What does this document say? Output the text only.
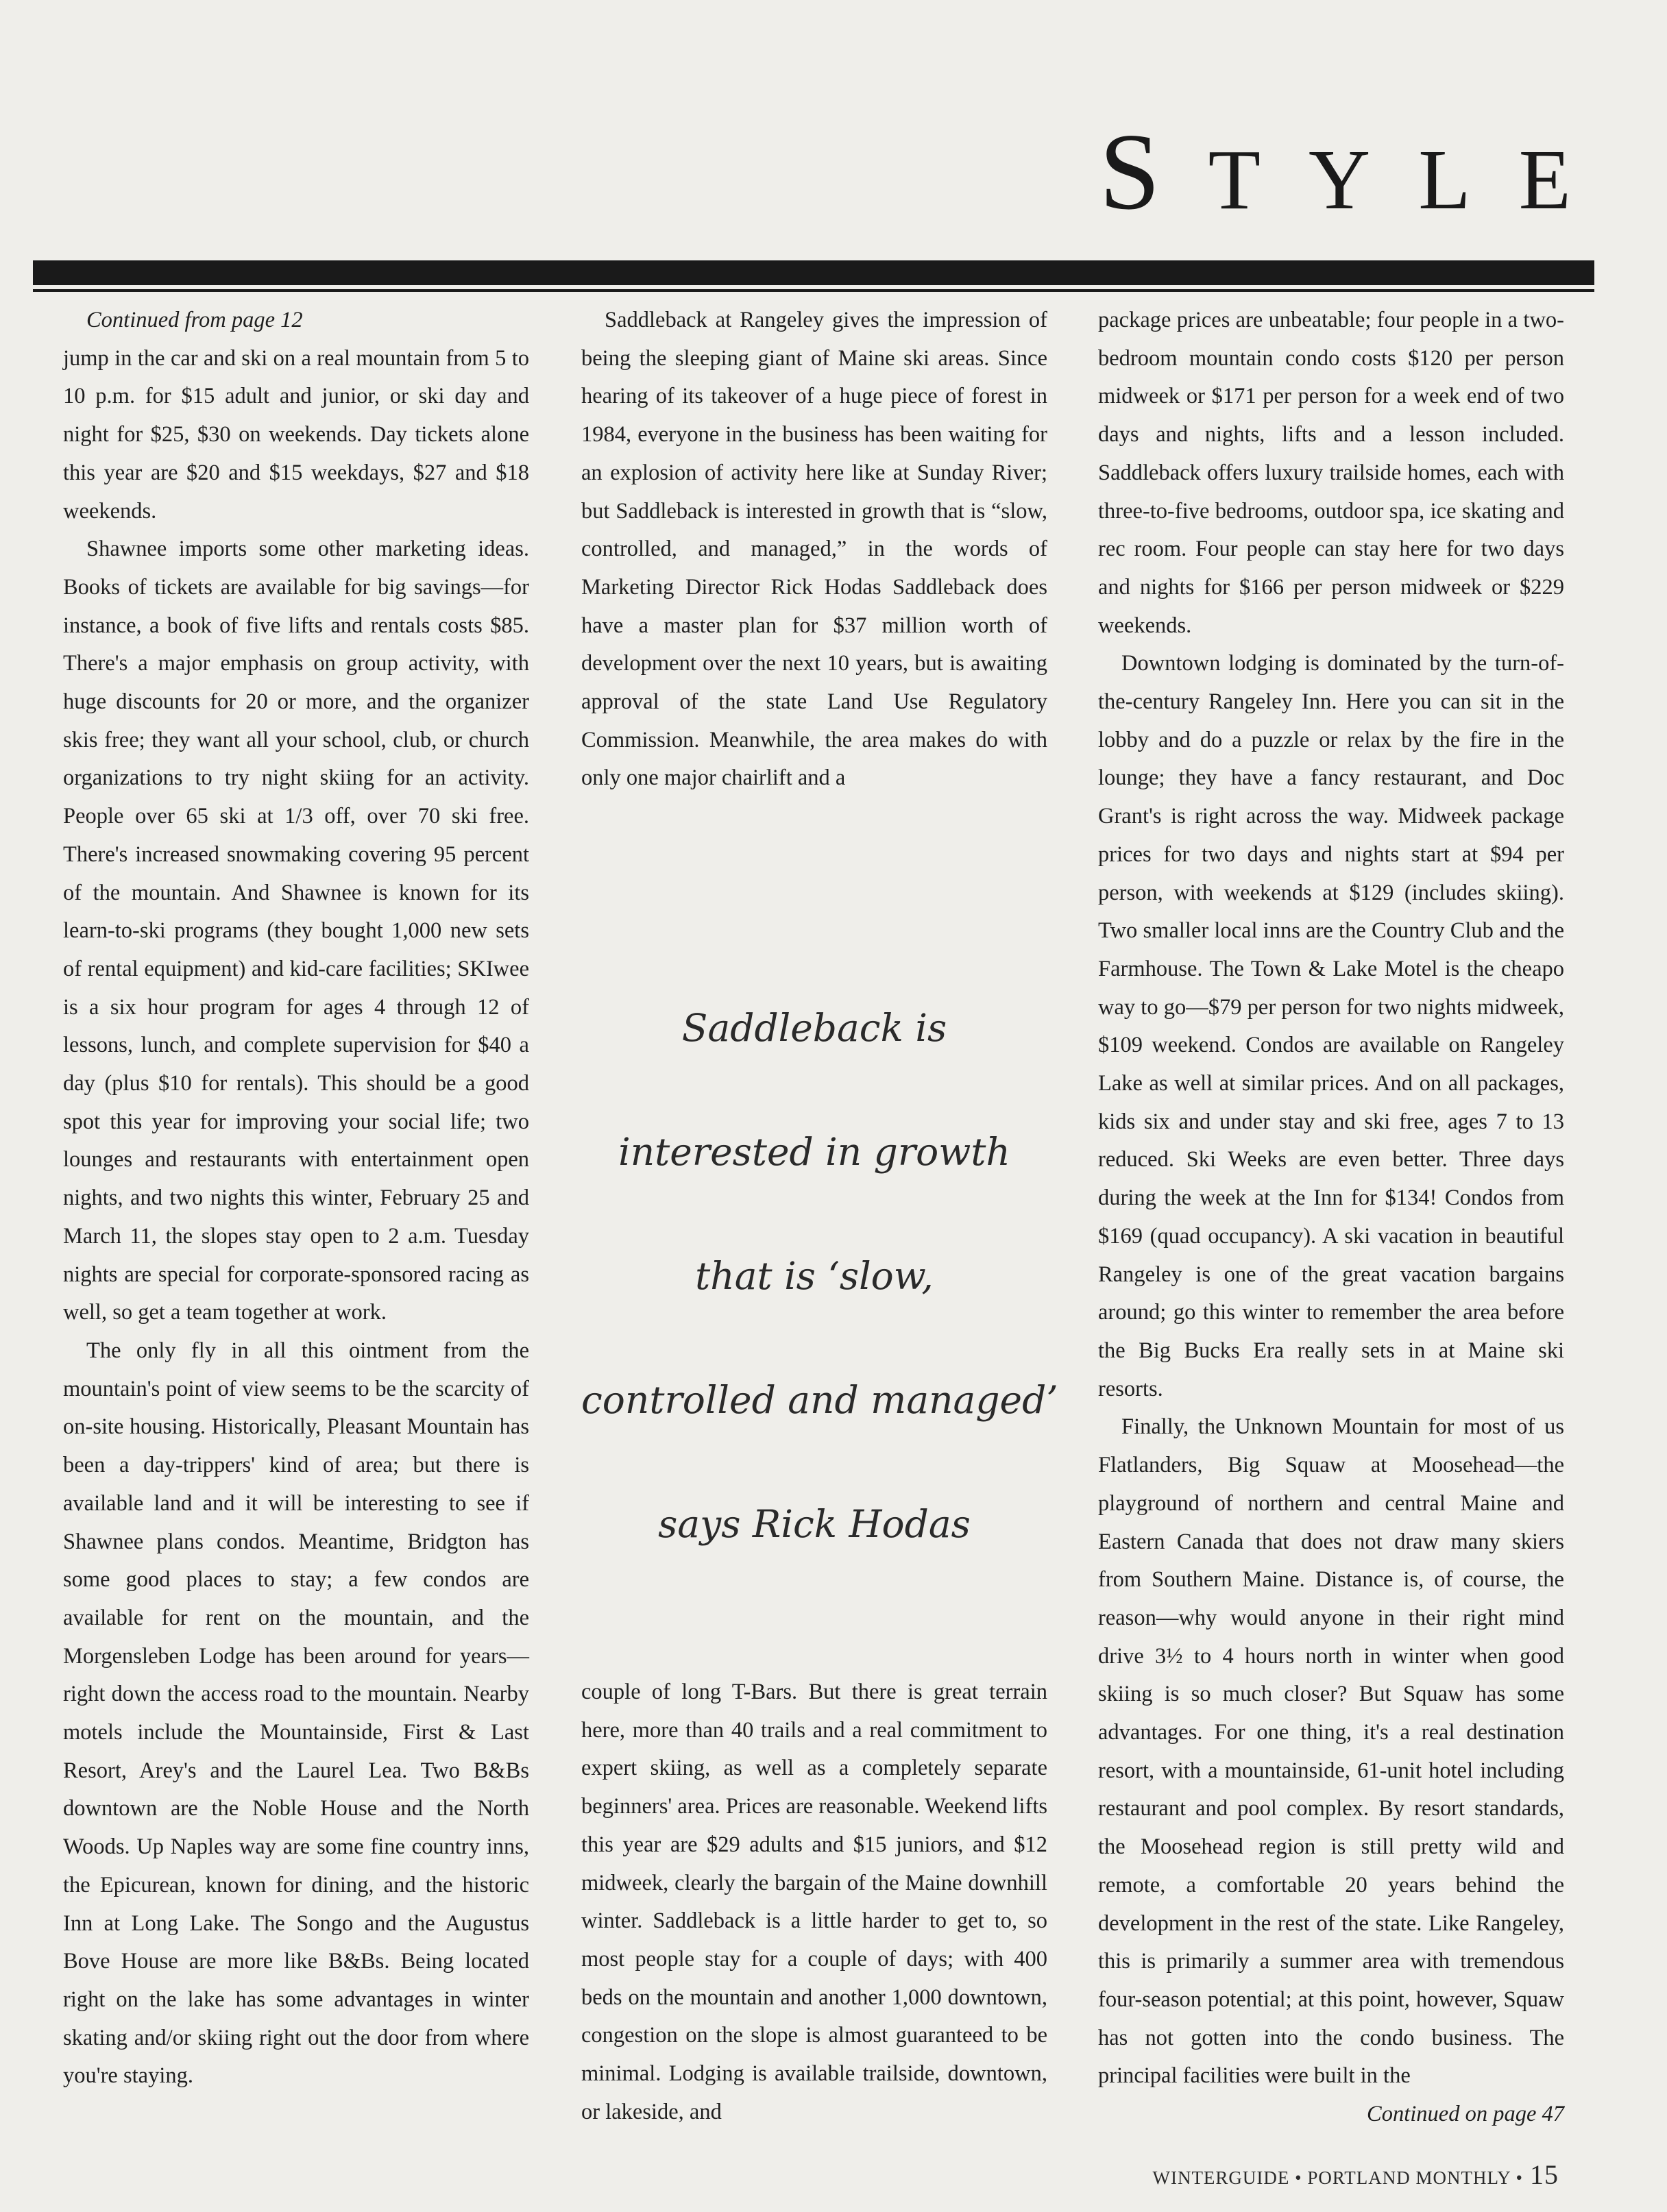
S T Y L E

Continued from page 12

jump in the car and ski on a real mountain from 5 to 10 p.m. for $15 adult and junior, or ski day and night for $25, $30 on weekends. Day tickets alone this year are $20 and $15 weekdays, $27 and $18 weekends.

Shawnee imports some other marketing ideas. Books of tickets are available for big savings—for instance, a book of five lifts and rentals costs $85. There's a major emphasis on group activity, with huge discounts for 20 or more, and the organizer skis free; they want all your school, club, or church organizations to try night skiing for an activity. People over 65 ski at 1/3 off, over 70 ski free. There's increased snowmaking covering 95 percent of the mountain. And Shawnee is known for its learn-to-ski programs (they bought 1,000 new sets of rental equipment) and kid-care facilities; SKIwee is a six hour program for ages 4 through 12 of lessons, lunch, and complete supervision for $40 a day (plus $10 for rentals). This should be a good spot this year for improving your social life; two lounges and restaurants with entertainment open nights, and two nights this winter, February 25 and March 11, the slopes stay open to 2 a.m. Tuesday nights are special for corporate-sponsored racing as well, so get a team together at work.

The only fly in all this ointment from the mountain's point of view seems to be the scarcity of on-site housing. Historically, Pleasant Mountain has been a day-trippers' kind of area; but there is available land and it will be interesting to see if Shawnee plans condos. Meantime, Bridgton has some good places to stay; a few condos are available for rent on the mountain, and the Morgensleben Lodge has been around for years—right down the access road to the mountain. Nearby motels include the Mountainside, First & Last Resort, Arey's and the Laurel Lea. Two B&Bs downtown are the Noble House and the North Woods. Up Naples way are some fine country inns, the Epicurean, known for dining, and the historic Inn at Long Lake. The Songo and the Augustus Bove House are more like B&Bs. Being located right on the lake has some advantages in winter skating and/or skiing right out the door from where you're staying.

Saddleback at Rangeley gives the impression of being the sleeping giant of Maine ski areas. Since hearing of its takeover of a huge piece of forest in 1984, everyone in the business has been waiting for an explosion of activity here like at Sunday River; but Saddleback is interested in growth that is “slow, controlled, and managed,” in the words of Marketing Director Rick Hodas Saddleback does have a master plan for $37 million worth of development over the next 10 years, but is awaiting approval of the state Land Use Regulatory Commission. Meanwhile, the area makes do with only one major chairlift and a

Saddleback is
interested in growth
that is ‘slow,
controlled and managed’
says Rick Hodas

couple of long T-Bars. But there is great terrain here, more than 40 trails and a real commitment to expert skiing, as well as a completely separate beginners' area. Prices are reasonable. Weekend lifts this year are $29 adults and $15 juniors, and $12 midweek, clearly the bargain of the Maine downhill winter. Saddleback is a little harder to get to, so most people stay for a couple of days; with 400 beds on the mountain and another 1,000 downtown, congestion on the slope is almost guaranteed to be minimal. Lodging is available trailside, downtown, or lakeside, and

package prices are unbeatable; four people in a two-bedroom mountain condo costs $120 per person midweek or $171 per person for a week end of two days and nights, lifts and a lesson included. Saddleback offers luxury trailside homes, each with three-to-five bedrooms, outdoor spa, ice skating and rec room. Four people can stay here for two days and nights for $166 per person midweek or $229 weekends.

Downtown lodging is dominated by the turn-of-the-century Rangeley Inn. Here you can sit in the lobby and do a puzzle or relax by the fire in the lounge; they have a fancy restaurant, and Doc Grant's is right across the way. Midweek package prices for two days and nights start at $94 per person, with weekends at $129 (includes skiing). Two smaller local inns are the Country Club and the Farmhouse. The Town & Lake Motel is the cheapo way to go—$79 per person for two nights midweek, $109 weekend. Condos are available on Rangeley Lake as well at similar prices. And on all packages, kids six and under stay and ski free, ages 7 to 13 reduced. Ski Weeks are even better. Three days during the week at the Inn for $134! Condos from $169 (quad occupancy). A ski vacation in beautiful Rangeley is one of the great vacation bargains around; go this winter to remember the area before the Big Bucks Era really sets in at Maine ski resorts.

Finally, the Unknown Mountain for most of us Flatlanders, Big Squaw at Moosehead—the playground of northern and central Maine and Eastern Canada that does not draw many skiers from Southern Maine. Distance is, of course, the reason—why would anyone in their right mind drive 3½ to 4 hours north in winter when good skiing is so much closer? But Squaw has some advantages. For one thing, it's a real destination resort, with a mountainside, 61-unit hotel including restaurant and pool complex. By resort standards, the Moosehead region is still pretty wild and remote, a comfortable 20 years behind the development in the rest of the state. Like Rangeley, this is primarily a summer area with tremendous four-season potential; at this point, however, Squaw has not gotten into the condo business. The principal facilities were built in the

Continued on page 47

WINTERGUIDE • PORTLAND MONTHLY • 15
